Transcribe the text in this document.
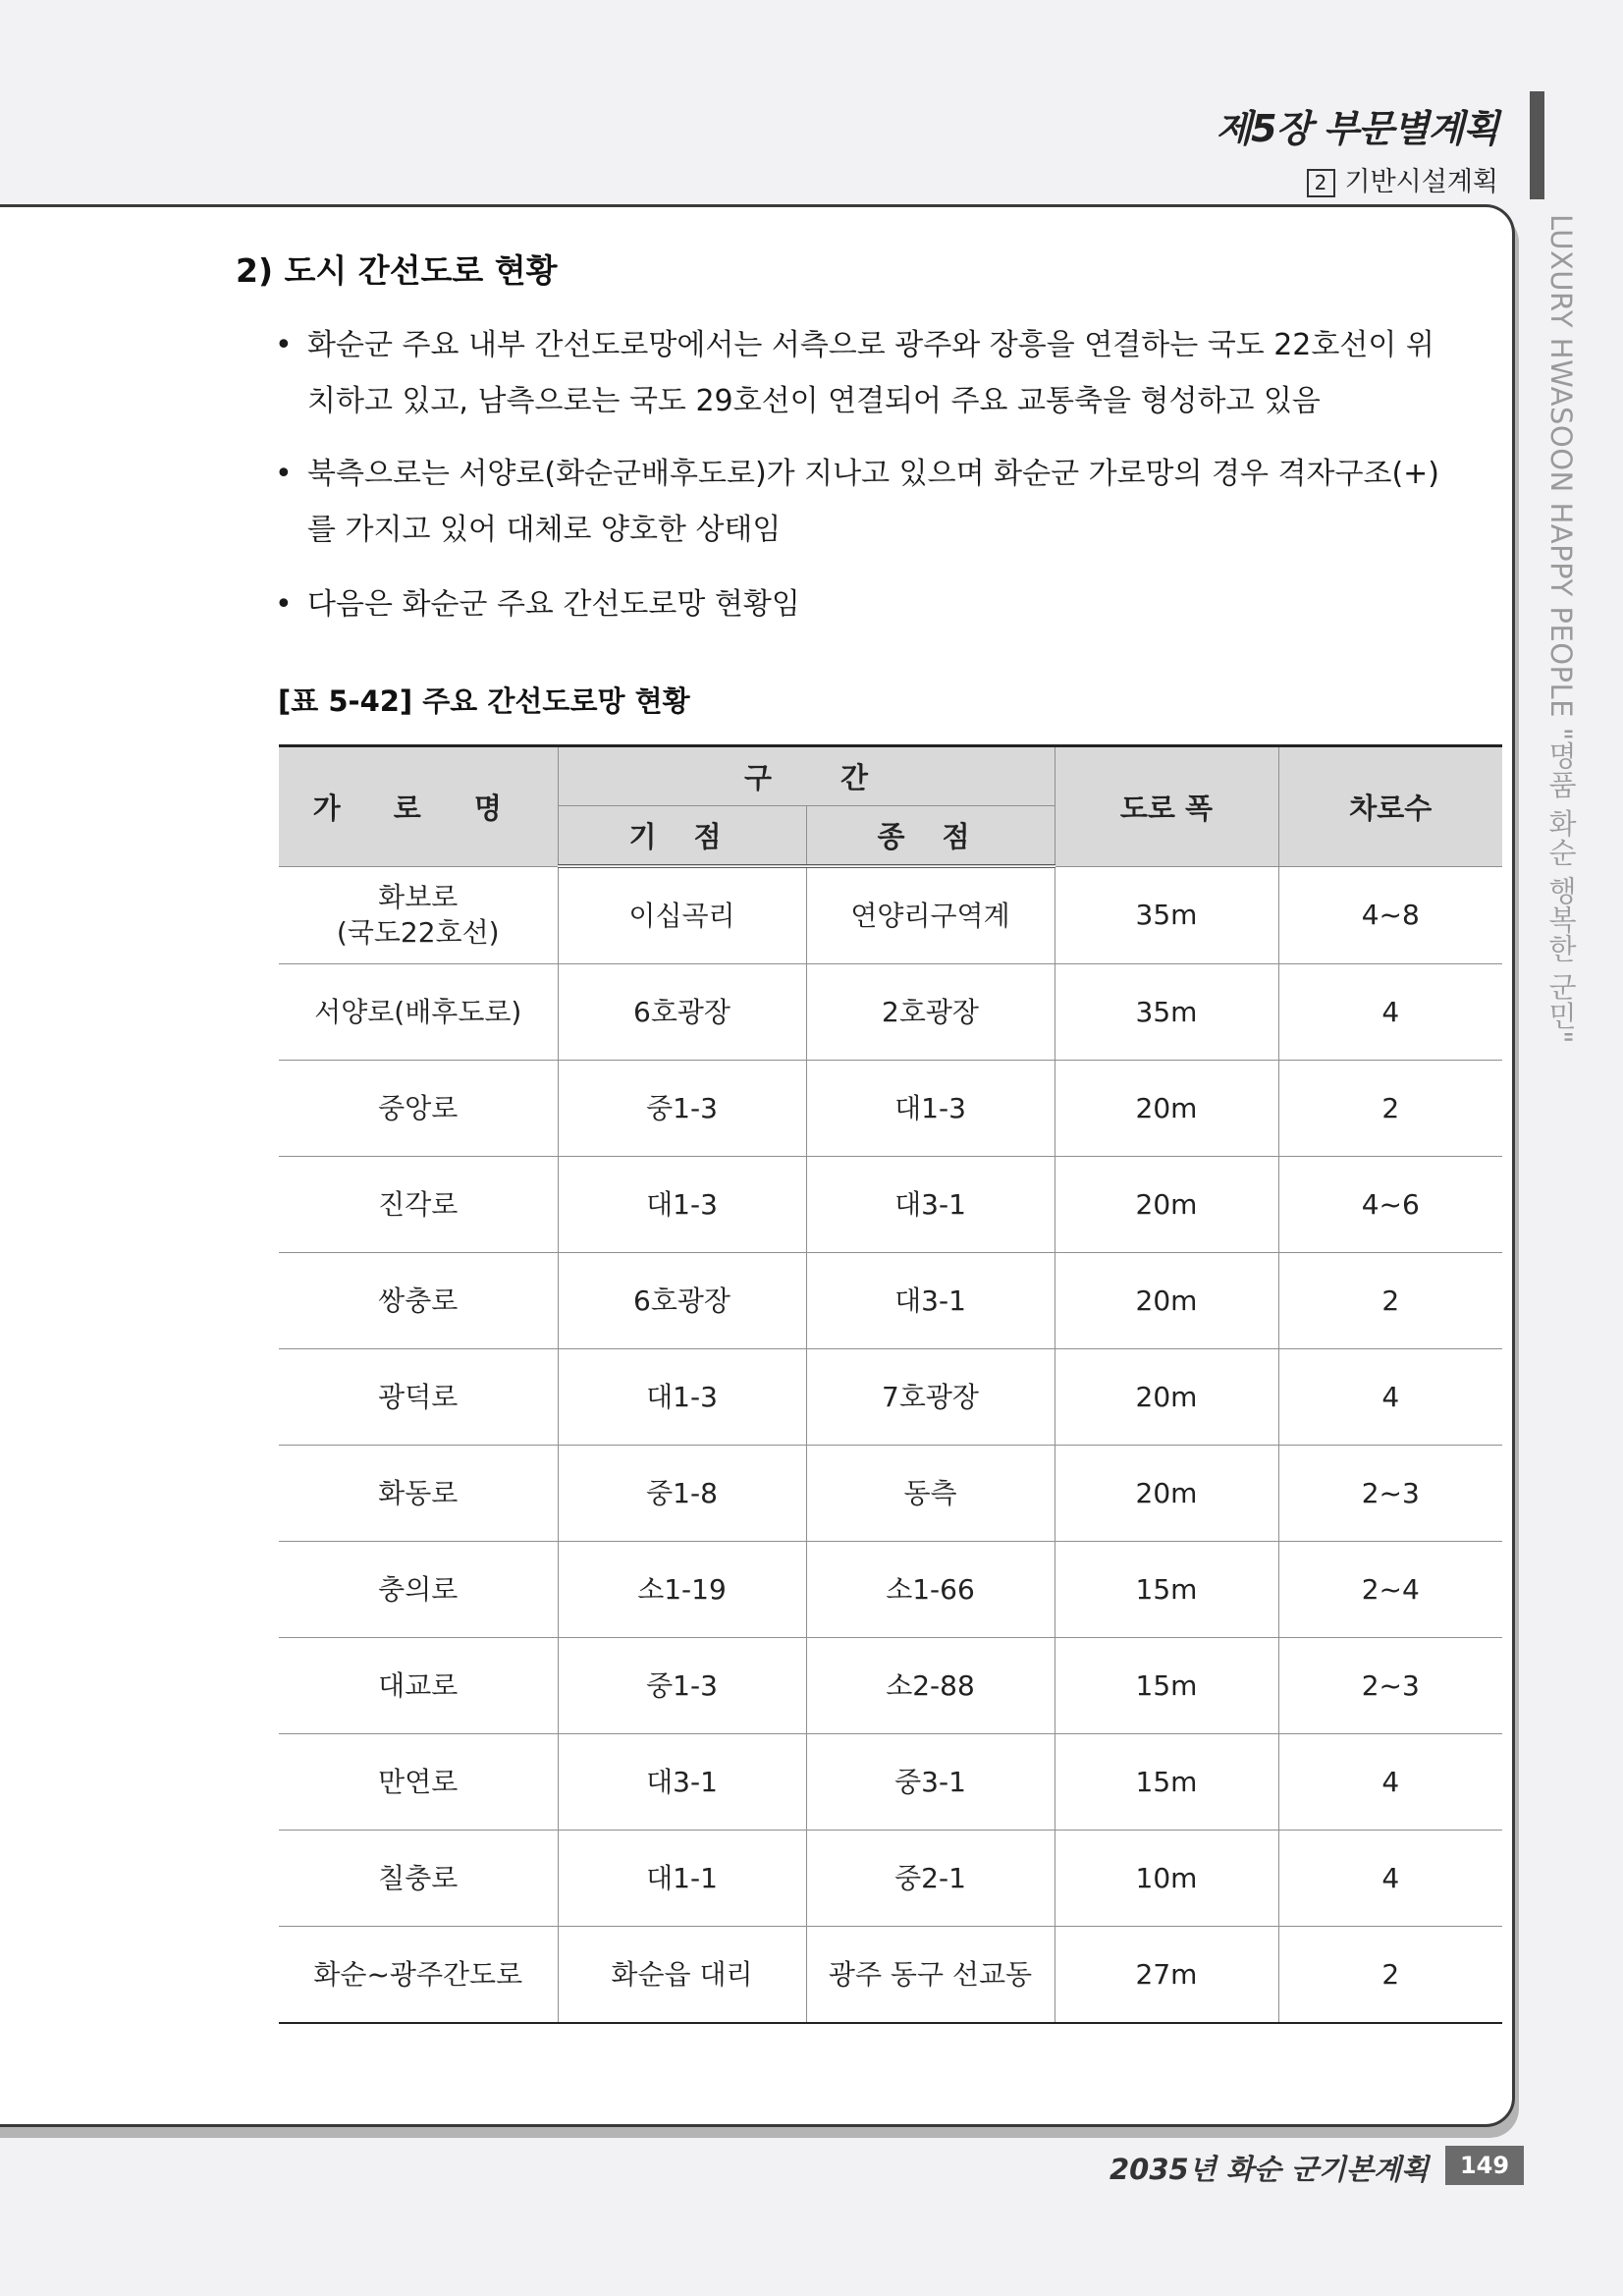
제5장 부문별계획
2 기반시설계획
LUXURY HWASOON HAPPY PEOPLE "명품 화순 행복한 군민"
2) 도시 간선도로 현황
• 화순군 주요 내부 간선도로망에서는 서측으로 광주와 장흥을 연결하는 국도 22호선이 위치하고 있고, 남측으로는 국도 29호선이 연결되어 주요 교통축을 형성하고 있음
• 북측으로는 서양로(화순군배후도로)가 지나고 있으며 화순군 가로망의 경우 격자구조(+)를 가지고 있어 대체로 양호한 상태임
• 다음은 화순군 주요 간선도로망 현황임
[표 5-42] 주요 간선도로망 현황
가 로 명	구 간		도로 폭	차로수
	기 점	종 점		

화보로
(국도22호선)	이십곡리	연양리구역계	35m	4~8

서양로(배후도로)	6호광장	2호광장	35m	4

중앙로	중1-3	대1-3	20m	2

진각로	대1-3	대3-1	20m	4~6

쌍충로	6호광장	대3-1	20m	2

광덕로	대1-3	7호광장	20m	4

화동로	중1-8	동측	20m	2~3

충의로	소1-19	소1-66	15m	2~4

대교로	중1-3	소2-88	15m	2~3

만연로	대3-1	중3-1	15m	4

칠충로	대1-1	중2-1	10m	4

화순~광주간도로	화순읍 대리	광주 동구 선교동	27m	2
2035년 화순 군기본계획	149
